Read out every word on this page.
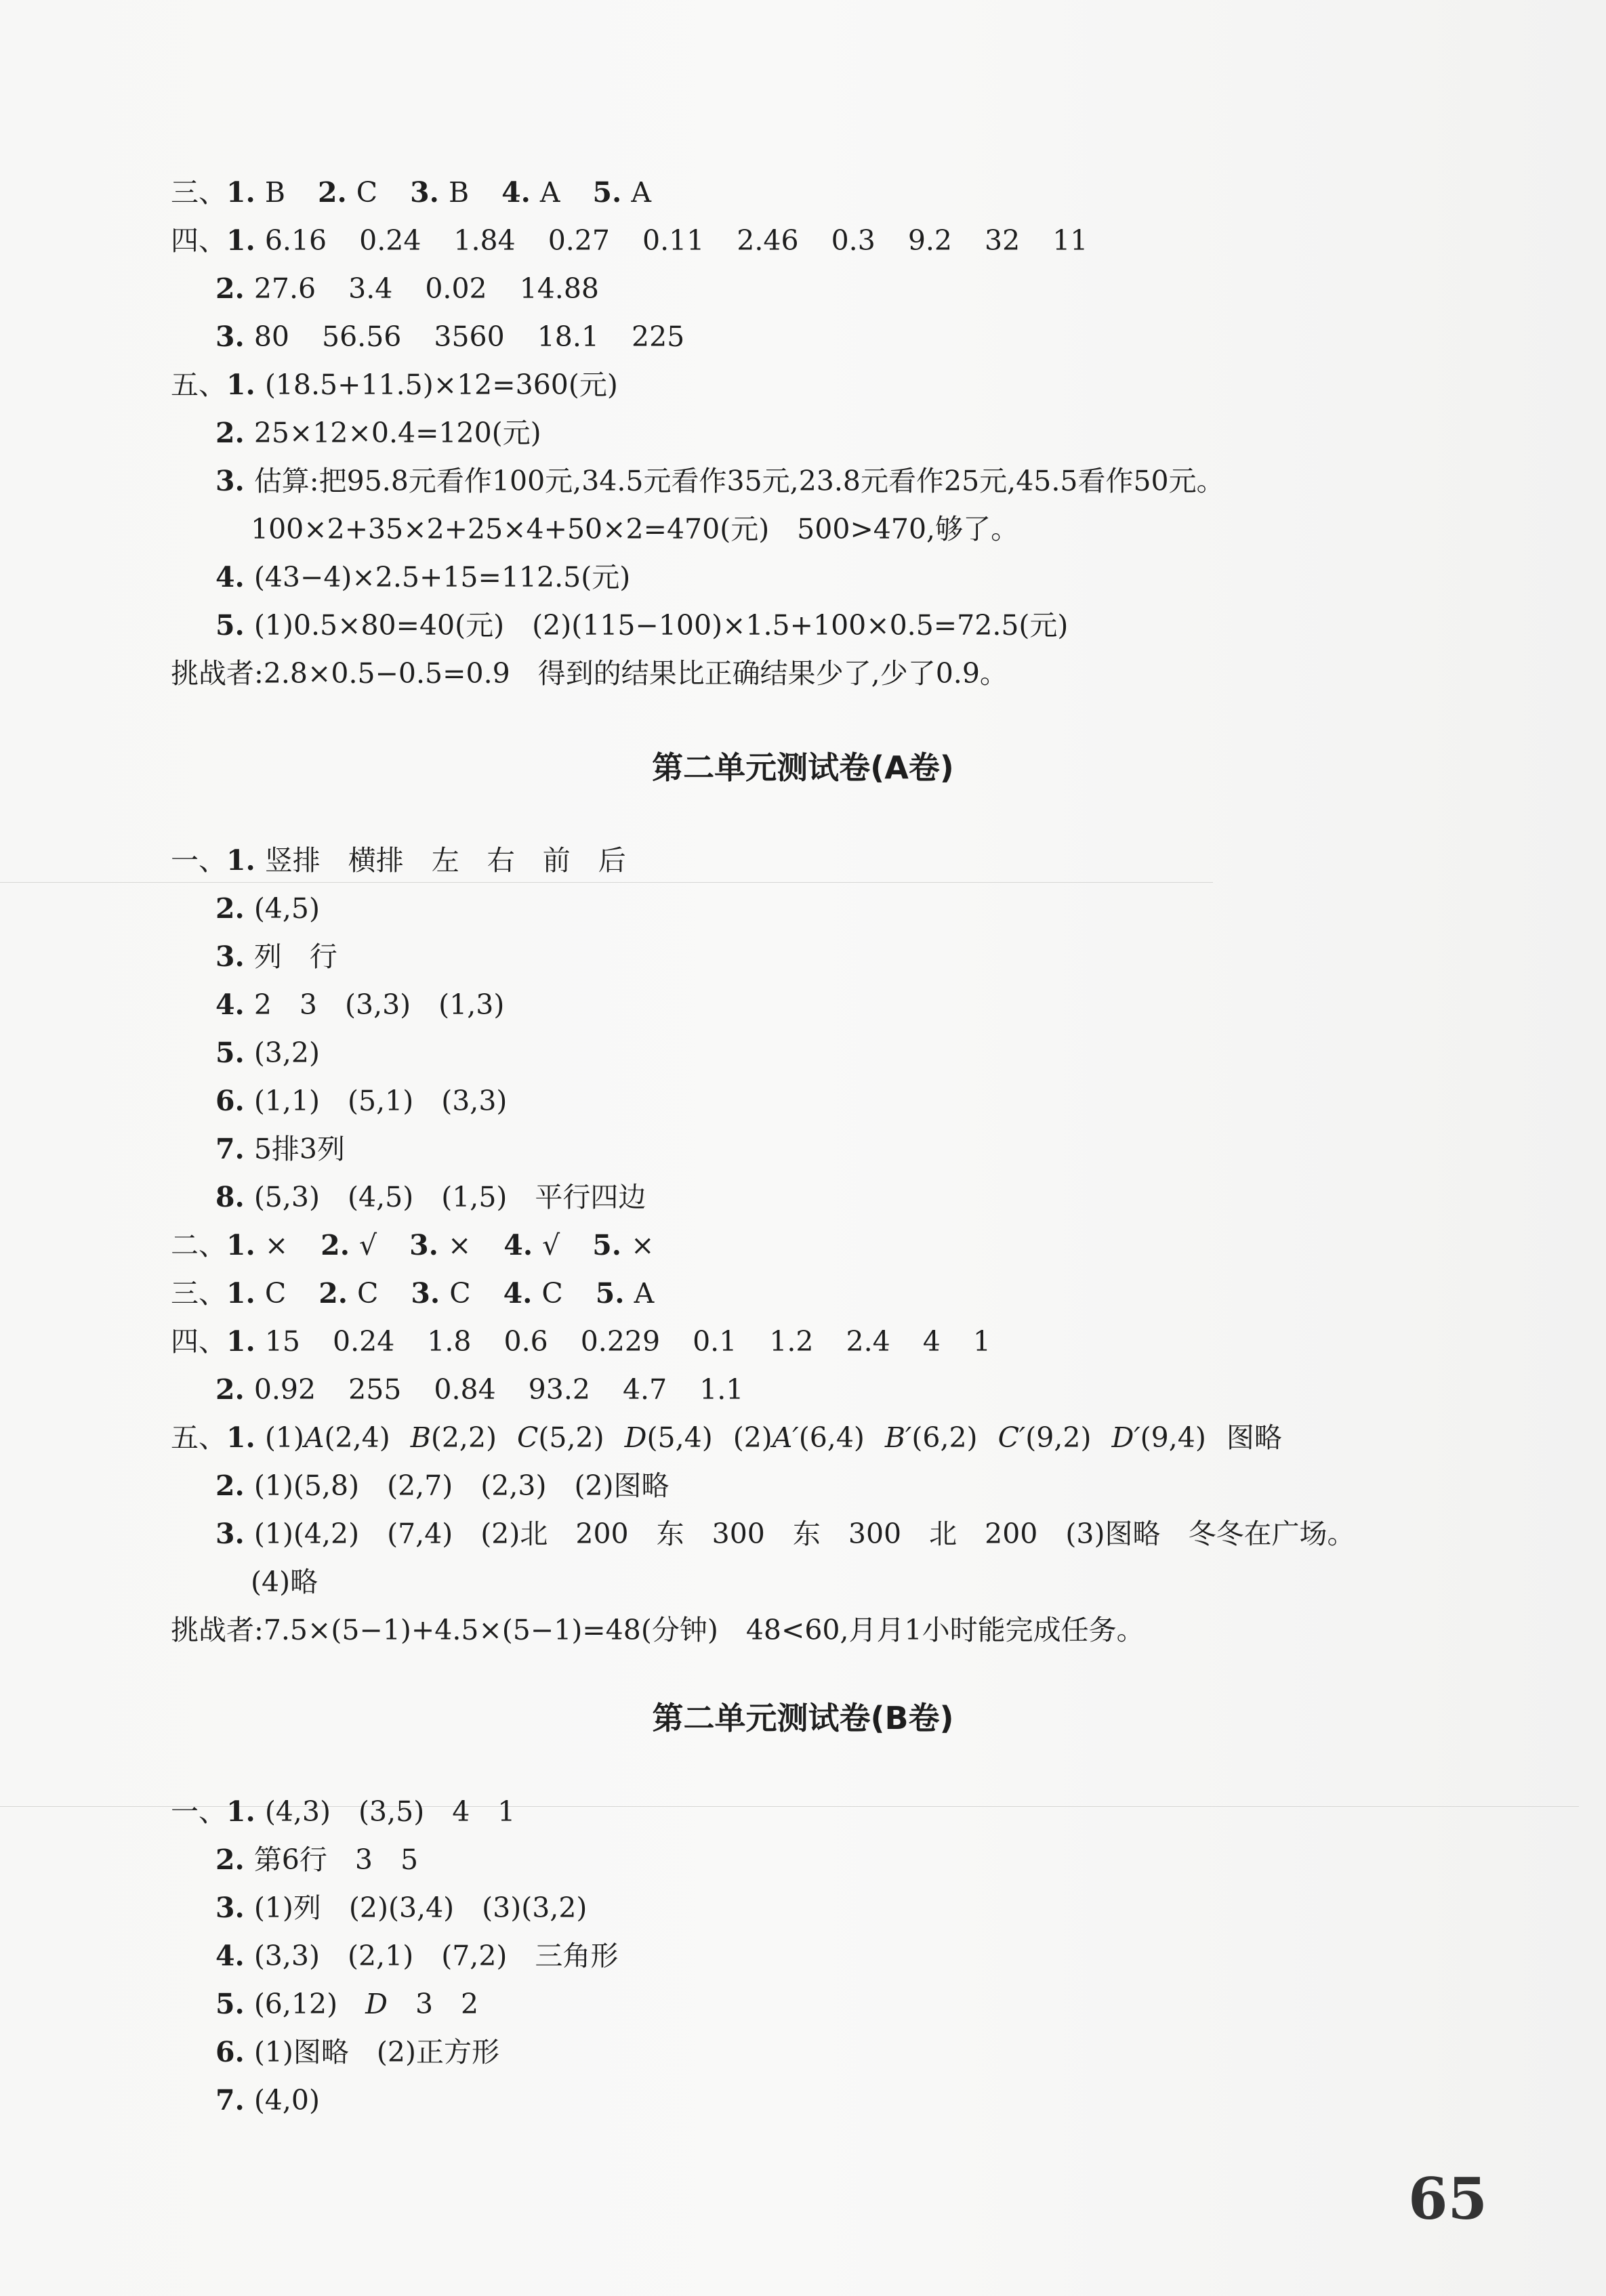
三、1. B 2. C 3. B 4. A 5. A
四、1. 6.16 0.24 1.84 0.27 0.11 2.46 0.3 9.2 32 11
2. 27.6 3.4 0.02 14.88
3. 80 56.56 3560 18.1 225
五、1. (18.5+11.5)×12=360(元)
2. 25×12×0.4=120(元)
3. 估算:把95.8元看作100元,34.5元看作35元,23.8元看作25元,45.5看作50元。
100×2+35×2+25×4+50×2=470(元)　500>470,够了。
4. (43−4)×2.5+15=112.5(元)
5. (1)0.5×80=40(元)　(2)(115−100)×1.5+100×0.5=72.5(元)
挑战者:2.8×0.5−0.5=0.9　得到的结果比正确结果少了,少了0.9。
第二单元测试卷(A卷)
一、1. 竖排　横排　左　右　前　后
2. (4,5)
3. 列　行
4. 2　3　(3,3)　(1,3)
5. (3,2)
6. (1,1)　(5,1)　(3,3)
7. 5排3列
8. (5,3)　(4,5)　(1,5)　平行四边
二、1. × 2. √ 3. × 4. √ 5. ×
三、1. C 2. C 3. C 4. C 5. A
四、1. 15 0.24 1.8 0.6 0.229 0.1 1.2 2.4 4 1
2. 0.92 255 0.84 93.2 4.7 1.1
五、1. (1)A(2,4) B(2,2) C(5,2) D(5,4) (2)A′(6,4) B′(6,2) C′(9,2) D′(9,4) 图略
2. (1)(5,8)　(2,7)　(2,3)　(2)图略
3. (1)(4,2)　(7,4)　(2)北　200　东　300　东　300　北　200　(3)图略　冬冬在广场。
(4)略
挑战者:7.5×(5−1)+4.5×(5−1)=48(分钟)　48<60,月月1小时能完成任务。
第二单元测试卷(B卷)
一、1. (4,3)　(3,5)　4　1
2. 第6行　3　5
3. (1)列　(2)(3,4)　(3)(3,2)
4. (3,3)　(2,1)　(7,2)　三角形
5. (6,12)　D　3　2
6. (1)图略　(2)正方形
7. (4,0)
65
